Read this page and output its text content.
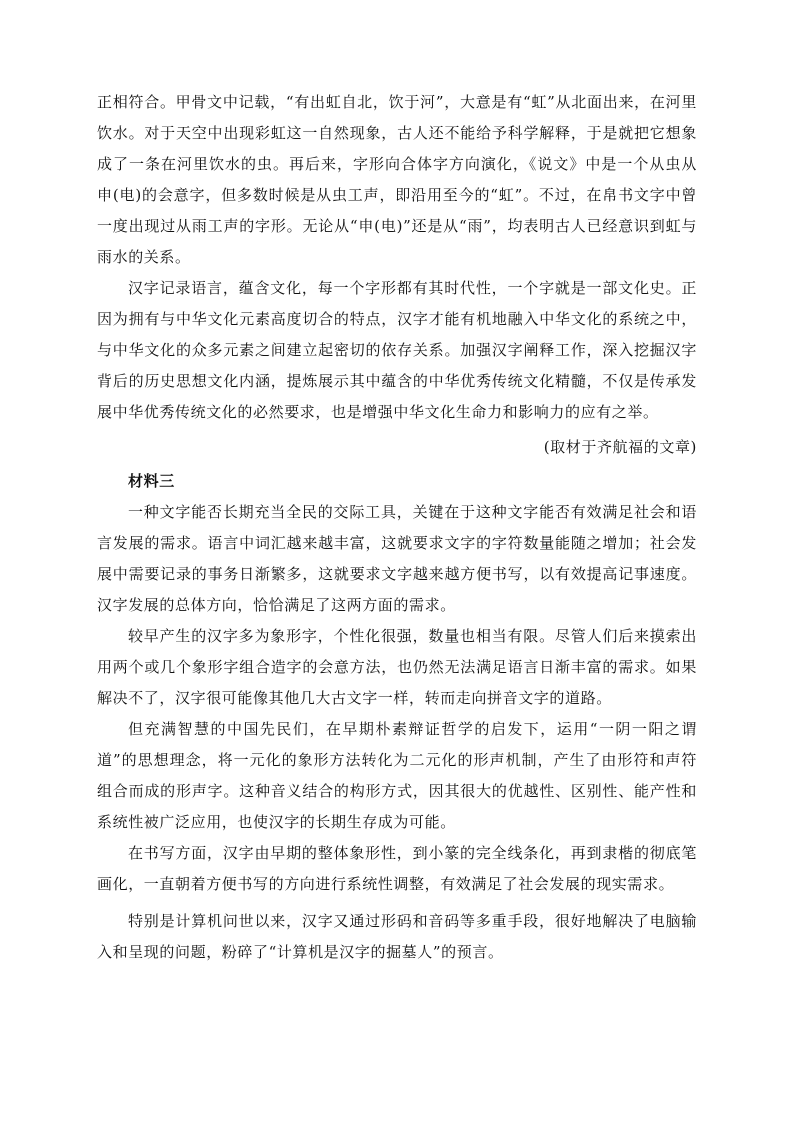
正相符合。甲骨文中记载，“有出虹自北，饮于河”，大意是有“虹”从北面出来，在河里饮水。对于天空中出现彩虹这一自然现象，古人还不能给予科学解释，于是就把它想象成了一条在河里饮水的虫。再后来，字形向合体字方向演化，《说文》中是一个从虫从申(电)的会意字，但多数时候是从虫工声，即沿用至今的“虹”。不过，在帛书文字中曾一度出现过从雨工声的字形。无论从“申(电)”还是从“雨”，均表明古人已经意识到虹与雨水的关系。

汉字记录语言，蕴含文化，每一个字形都有其时代性，一个字就是一部文化史。正因为拥有与中华文化元素高度切合的特点，汉字才能有机地融入中华文化的系统之中，与中华文化的众多元素之间建立起密切的依存关系。加强汉字阐释工作，深入挖掘汉字背后的历史思想文化内涵，提炼展示其中蕴含的中华优秀传统文化精髓，不仅是传承发展中华优秀传统文化的必然要求，也是增强中华文化生命力和影响力的应有之举。

(取材于齐航福的文章)

材料三

一种文字能否长期充当全民的交际工具，关键在于这种文字能否有效满足社会和语言发展的需求。语言中词汇越来越丰富，这就要求文字的字符数量能随之增加；社会发展中需要记录的事务日渐繁多，这就要求文字越来越方便书写，以有效提高记事速度。汉字发展的总体方向，恰恰满足了这两方面的需求。

较早产生的汉字多为象形字，个性化很强，数量也相当有限。尽管人们后来摸索出用两个或几个象形字组合造字的会意方法，也仍然无法满足语言日渐丰富的需求。如果解决不了，汉字很可能像其他几大古文字一样，转而走向拼音文字的道路。

但充满智慧的中国先民们，在早期朴素辩证哲学的启发下，运用“一阴一阳之谓道”的思想理念，将一元化的象形方法转化为二元化的形声机制，产生了由形符和声符组合而成的形声字。这种音义结合的构形方式，因其很大的优越性、区别性、能产性和系统性被广泛应用，也使汉字的长期生存成为可能。

在书写方面，汉字由早期的整体象形性，到小篆的完全线条化，再到隶楷的彻底笔画化，一直朝着方便书写的方向进行系统性调整，有效满足了社会发展的现实需求。

特别是计算机问世以来，汉字又通过形码和音码等多重手段，很好地解决了电脑输入和呈现的问题，粉碎了“计算机是汉字的掘墓人”的预言。
